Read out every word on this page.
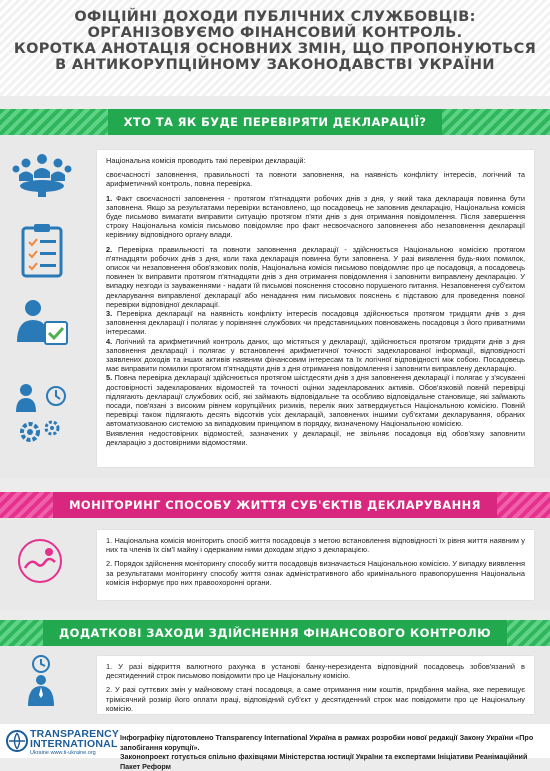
ОФІЦІЙНІ ДОХОДИ ПУБЛІЧНИХ СЛУЖБОВЦІВ:
ОРГАНІЗОВУЄМО ФІНАНСОВИЙ КОНТРОЛЬ.
КОРОТКА АНОТАЦІЯ ОСНОВНИХ ЗМІН, ЩО ПРОПОНУЮТЬСЯ
В АНТИКОРУПЦІЙНОМУ ЗАКОНОДАВСТВІ УКРАЇНИ
ХТО ТА ЯК БУДЕ ПЕРЕВІРЯТИ ДЕКЛАРАЦІЇ?

Національна комісія проводить такі перевірки декларацій:

своєчасності заповнення, правильності та повноти заповнення, на наявність конфлікту інтересів, логічний та арифметичний контроль, повна перевірка.

1. Факт своєчасності заповнення - протягом п'ятнадцяти робочих днів з дня, у який така декларація повинна бути заповнена. Якщо за результатами перевірки встановлено, що посадовець не заповнив декларацію, Національна комісія буде письмово вимагати виправити ситуацію протягом п'яти днів з дня отримання повідомлення. Після завершення строку Національна комісія письмово повідомляє про факт несвоєчасного заповнення або незаповнення декларації керівнику відповідного органу влади.

2. Перевірка правильності та повноти заповнення декларації - здійснюється Національною комісією протягом п'ятнадцяти робочих днів з дня, коли така декларація повинна бути заповнена. У разі виявлення будь-яких помилок, описок чи незаповнення обов'язкових полів, Національна комісія письмово повідомляє про це посадовця, а посадовець повинен їх виправити протягом п'ятнадцяти днів з дня отримання повідомлення і заповнити виправлену декларацію. У випадку незгоди із зауваженнями - надати їй письмові пояснення стосовно порушеного питання. Незаповнення суб'єктом декларування виправленої декларації або ненадання ним письмових пояснень є підставою для проведення повної перевірки відповідної декларації.

3. Перевірка декларації на наявність конфлікту інтересів посадовця здійснюється протягом тридцяти днів з дня заповнення декларації і полягає у порівнянні службових чи представницьких повноважень посадовця з його приватними інтересами.

4. Логічний та арифметичний контроль даних, що містяться у декларації, здійснюється протягом тридцяти днів з дня заповнення декларації і полягає у встановленні арифметичної точності задекларованої інформації, відповідності заявлених доходів та інших активів наявним фінансовим інтересам та їх логічної відповідності між собою. Посадовець має виправити помилки протягом п'ятнадцяти днів з дня отримання повідомлення і заповнити виправлену декларацію.

5. Повна перевірка декларації здійснюється протягом шістдесяти днів з дня заповнення декларації і полягає у з'ясуванні достовірності задекларованих відомостей та точності оцінки задекларованих активів. Обов'язковій повній перевірці підлягають декларації службових осіб, які займають відповідальне та особливо відповідальне становище, які займають посади, пов'язані з високим рівнем корупційних ризиків, перелік яких затверджується Національною комісією. Повній перевірці також підлягають десять відсотків усіх декларацій, заповнених іншими суб'єктами декларування, обраних автоматизованою системою за випадковим принципом в порядку, визначеному Національною комісією.

Виявлення недостовірних відомостей, зазначених у декларації, не звільняє посадовця від обов'язку заповнити декларацію з достовірними відомостями.

МОНІТОРИНГ СПОСОБУ ЖИТТЯ СУБ'ЄКТІВ ДЕКЛАРУВАННЯ

1. Національна комісія моніторить спосіб життя посадовців з метою встановлення відповідності їх рівня життя наявним у них та членів їх сім'ї майну і одержаним ними доходам згідно з декларацією.

2. Порядок здійснення моніторингу способу життя посадовців визначається Національною комісією. У випадку виявлення за результатами моніторингу способу життя ознак адміністративного або кримінального правопорушення Національна комісія інформує про них правоохоронні органи.

ДОДАТКОВІ ЗАХОДИ ЗДІЙСНЕННЯ ФІНАНСОВОГО КОНТРОЛЮ

1. У разі відкриття валютного рахунка в установі банку-нерезидента відповідний посадовець зобов'язаний в десятиденний строк письмово повідомити про це Національну комісію.

2. У разі суттєвих змін у майновому стані посадовця, а саме отримання ним коштів, придбання майна, яке перевищує трімісячний розмір його оплати праці, відповідний суб'єкт у десятиденний строк має повідомити про це Національну комісію.

TRANSPARENCY
INTERNATIONAL
Ukraine www.ti-ukraine.org
Інфографіку підготовлено Transparency International Україна в рамках розробки нової редакції Закону України «Про запобігання корупції».
Законопроект готується спільно фахівцями Міністерства юстиції України та експертами Ініціативи Реанімаційний Пакет Реформ
